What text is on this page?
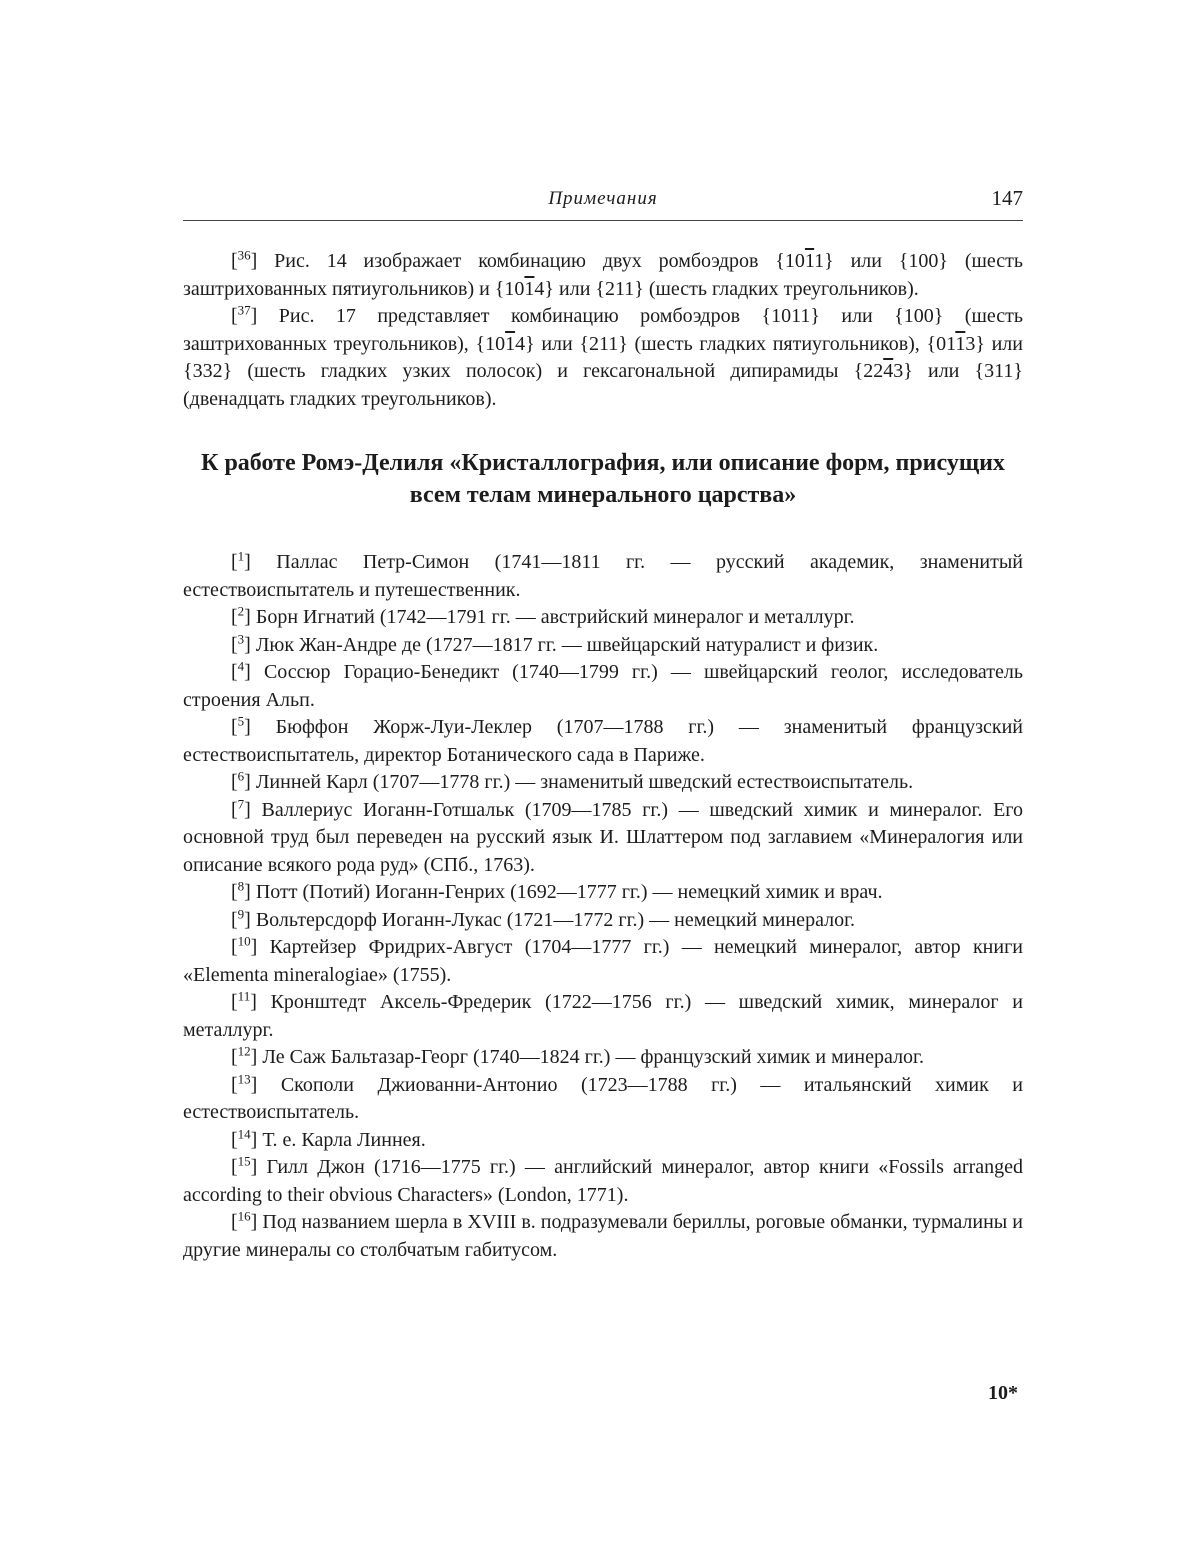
Примечания	147

[$^{36}$] Рис. 14 изображает комбинацию двух ромбоэдров {1011} или {100} (шесть заштрихованных пятиугольников) и {1014} или {211} (шесть гладких треугольников).

[$^{37}$] Рис. 17 представляет комбинацию ромбоэдров {1011} или {100} (шесть заштрихованных треугольников), {1014} или {211} (шесть гладких пятиугольников), {0113} или {332} (шесть гладких узких полосок) и гексагональной дипирамиды {2243} или {311} (двенадцать гладких треугольников).

К работе Ромэ-Делиля «Кристаллография, или описание форм, присущих всем телам минерального царства»

[$^1$] Паллас Петр-Симон (1741—1811 гг. — русский академик, знаменитый естествоиспытатель и путешественник.

[$^2$] Борн Игнатий (1742—1791 гг. — австрийский минералог и металлург.

[$^3$] Люк Жан-Андре де (1727—1817 гг. — швейцарский натуралист и физик.

[$^4$] Соссюр Горацио-Бенедикт (1740—1799 гг.) — швейцарский геолог, исследователь строения Альп.

[$^5$] Бюффон Жорж-Луи-Леклер (1707—1788 гг.) — знаменитый французский естествоиспытатель, директор Ботанического сада в Париже.

[$^6$] Линней Карл (1707—1778 гг.) — знаменитый шведский естествоиспытатель.

[$^7$] Валлериус Иоганн-Готшальк (1709—1785 гг.) — шведский химик и минералог. Его основной труд был переведен на русский язык И. Шлаттером под заглавием «Минералогия или описание всякого рода руд» (СПб., 1763).

[$^8$] Потт (Потий) Иоганн-Генрих (1692—1777 гг.) — немецкий химик и врач.

[$^9$] Вольтерсдорф Иоганн-Лукас (1721—1772 гг.) — немецкий минералог.

[$^{10}$] Картейзер Фридрих-Август (1704—1777 гг.) — немецкий минералог, автор книги «Elementa mineralogiae» (1755).

[$^{11}$] Кронштедт Аксель-Фредерик (1722—1756 гг.) — шведский химик, минералог и металлург.

[$^{12}$] Ле Саж Бальтазар-Георг (1740—1824 гг.) — французский химик и минералог.

[$^{13}$] Скополи Джиованни-Антонио (1723—1788 гг.) — итальянский химик и естествоиспытатель.

[$^{14}$] Т. е. Карла Линнея.

[$^{15}$] Гилл Джон (1716—1775 гг.) — английский минералог, автор книги «Fossils arranged according to their obvious Characters» (London, 1771).

[$^{16}$] Под названием шерла в XVIII в. подразумевали бериллы, роговые обманки, турмалины и другие минералы со столбчатым габитусом.

10*
